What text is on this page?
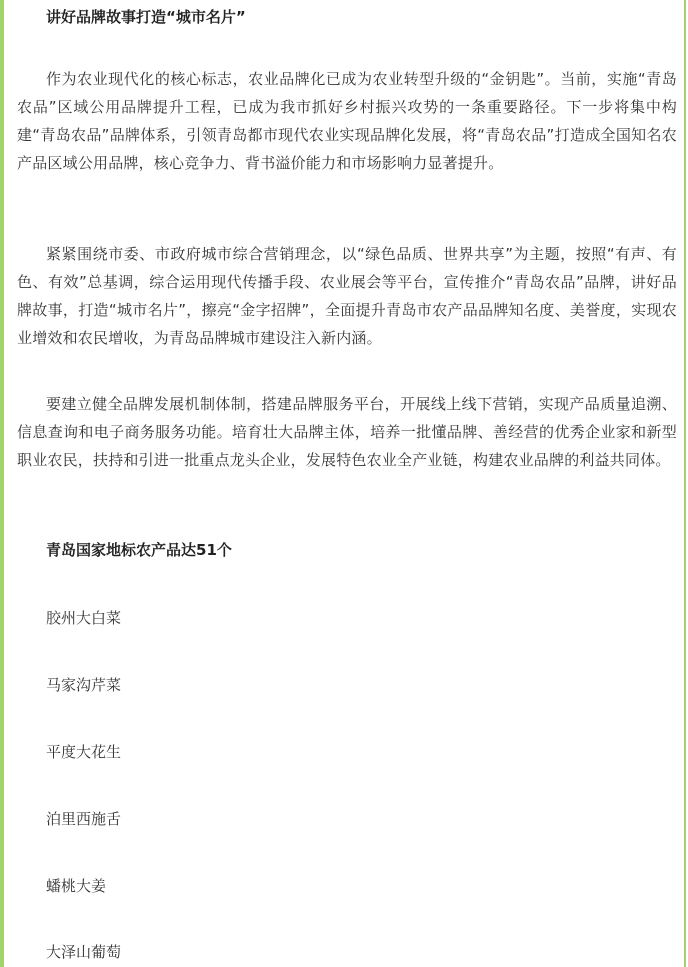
讲好品牌故事打造“城市名片”

作为农业现代化的核心标志，农业品牌化已成为农业转型升级的“金钥匙”。当前，实施“青岛农品”区域公用品牌提升工程，已成为我市抓好乡村振兴攻势的一条重要路径。下一步将集中构建“青岛农品”品牌体系，引领青岛都市现代农业实现品牌化发展，将“青岛农品”打造成全国知名农产品区域公用品牌，核心竞争力、背书溢价能力和市场影响力显著提升。

紧紧围绕市委、市政府城市综合营销理念，以“绿色品质、世界共享”为主题，按照“有声、有色、有效”总基调，综合运用现代传播手段、农业展会等平台，宣传推介“青岛农品”品牌，讲好品牌故事，打造“城市名片”，擦亮“金字招牌”，全面提升青岛市农产品品牌知名度、美誉度，实现农业增效和农民增收，为青岛品牌城市建设注入新内涵。

要建立健全品牌发展机制体制，搭建品牌服务平台，开展线上线下营销，实现产品质量追溯、信息查询和电子商务服务功能。培育壮大品牌主体，培养一批懂品牌、善经营的优秀企业家和新型职业农民，扶持和引进一批重点龙头企业，发展特色农业全产业链，构建农业品牌的利益共同体。

青岛国家地标农产品达51个

胶州大白菜

马家沟芹菜

平度大花生

泊里西施舌

蟠桃大姜

大泽山葡萄
